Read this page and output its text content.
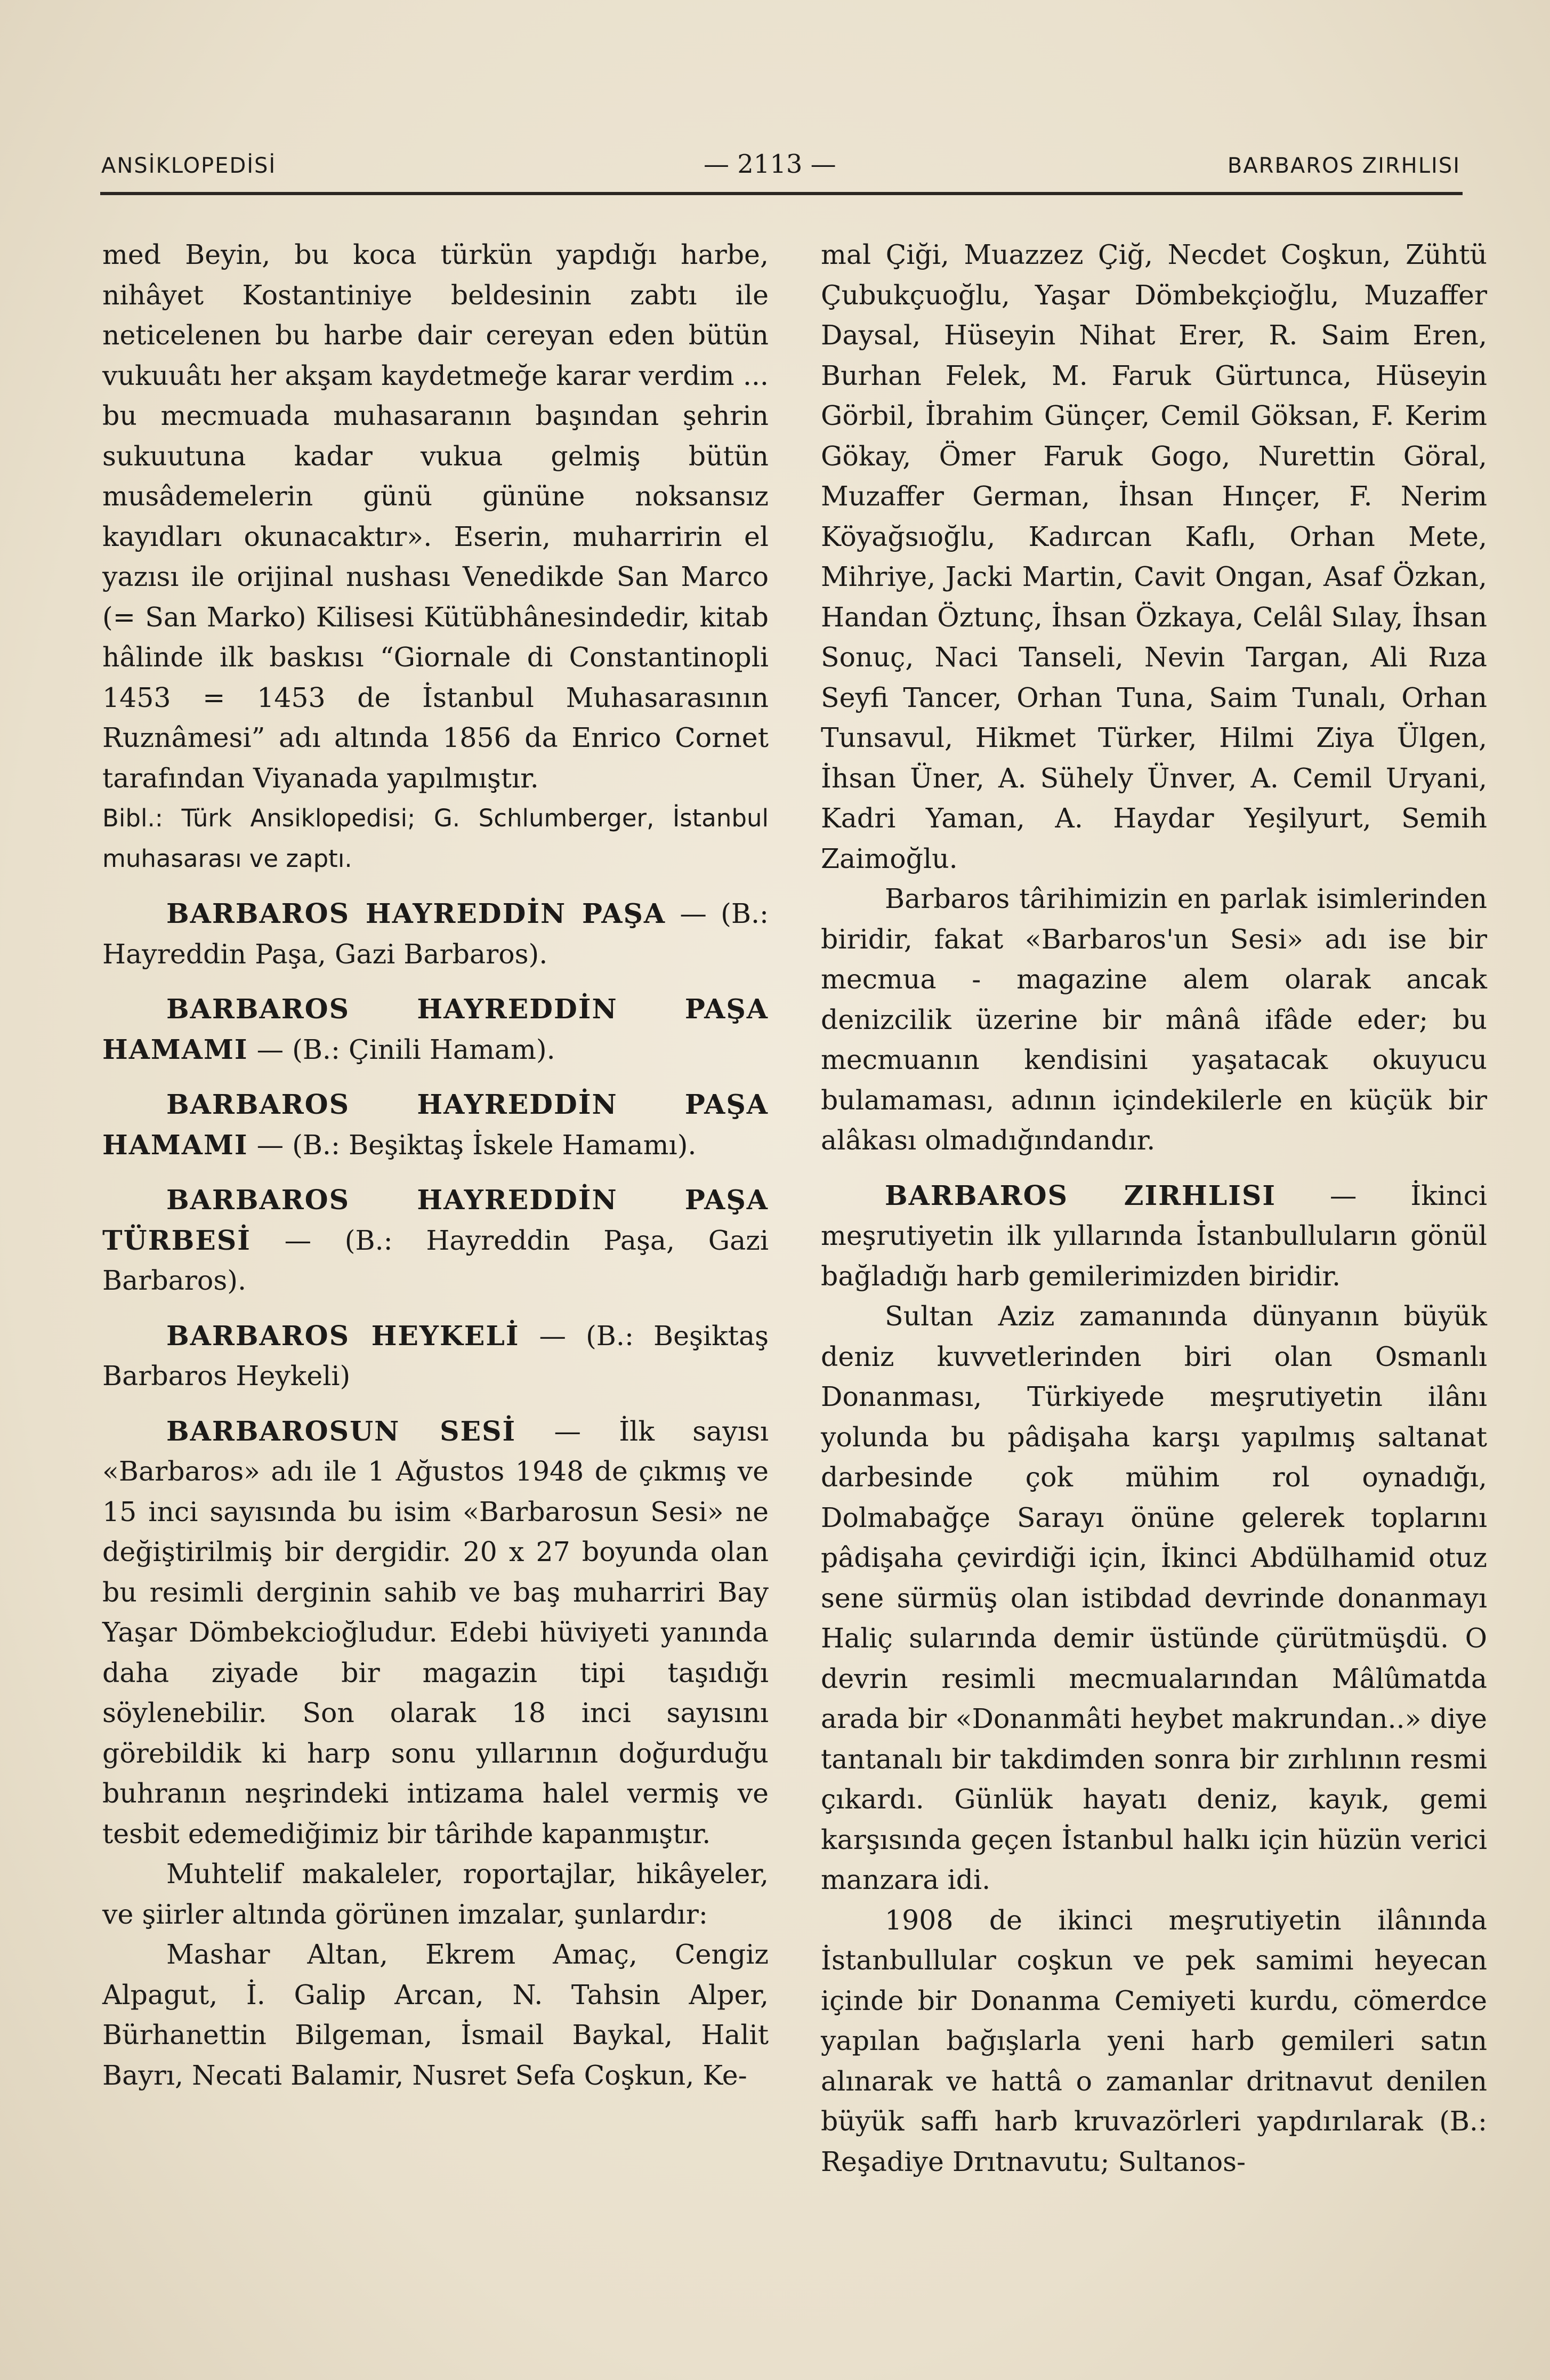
ANSİKLOPEDİSİ	— 2113 —	BARBAROS ZIRHLISI

med Beyin, bu koca türkün yapdığı harbe, nihâyet Kostantiniye beldesinin zabtı ile neticelenen bu harbe dair cereyan eden bütün vukuuâtı her akşam kaydetmeğe karar verdim ... bu mecmuada muhasaranın başından şehrin sukuutuna kadar vukua gelmiş bütün musâdemelerin günü gününe noksansız kayıdları okunacaktır». Eserin, muharririn el yazısı ile orijinal nushası Venedikde San Marco (= San Marko) Kilisesi Kütübhânesindedir, kitab hâlinde ilk baskısı “Giornale di Constantinopli 1453 = 1453 de İstanbul Muhasarasının Ruznâmesi” adı altında 1856 da Enrico Cornet tarafından Viyanada yapılmıştır.

Bibl.: Türk Ansiklopedisi; G. Schlumberger, İstanbul muhasarası ve zaptı.

BARBAROS HAYREDDİN PAŞA — (B.: Hayreddin Paşa, Gazi Barbaros).

BARBAROS HAYREDDİN PAŞA HAMAMI — (B.: Çinili Hamam).

BARBAROS HAYREDDİN PAŞA HAMAMI — (B.: Beşiktaş İskele Hamamı).

BARBAROS HAYREDDİN PAŞA TÜRBESİ — (B.: Hayreddin Paşa, Gazi Barbaros).

BARBAROS HEYKELİ — (B.: Beşiktaş Barbaros Heykeli)

BARBAROSUN SESİ — İlk sayısı «Barbaros» adı ile 1 Ağustos 1948 de çıkmış ve 15 inci sayısında bu isim «Barbarosun Sesi» ne değiştirilmiş bir dergidir. 20 x 27 boyunda olan bu resimli derginin sahib ve baş muharriri Bay Yaşar Dömbekcioğludur. Edebi hüviyeti yanında daha ziyade bir magazin tipi taşıdığı söylenebilir. Son olarak 18 inci sayısını görebildik ki harp sonu yıllarının doğurduğu buhranın neşrindeki intizama halel vermiş ve tesbit edemediğimiz bir târihde kapanmıştır.

Muhtelif makaleler, roportajlar, hikâyeler, ve şiirler altında görünen imzalar, şunlardır:

Mashar Altan, Ekrem Amaç, Cengiz Alpagut, İ. Galip Arcan, N. Tahsin Alper, Bürhanettin Bilgeman, İsmail Baykal, Halit Bayrı, Necati Balamir, Nusret Sefa Coşkun, Ke-

mal Çiği, Muazzez Çiğ, Necdet Coşkun, Zühtü Çubukçuoğlu, Yaşar Dömbekçioğlu, Muzaffer Daysal, Hüseyin Nihat Erer, R. Saim Eren, Burhan Felek, M. Faruk Gürtunca, Hüseyin Görbil, İbrahim Günçer, Cemil Göksan, F. Kerim Gökay, Ömer Faruk Gogo, Nurettin Göral, Muzaffer German, İhsan Hınçer, F. Nerim Köyağsıoğlu, Kadırcan Kaflı, Orhan Mete, Mihriye, Jacki Martin, Cavit Ongan, Asaf Özkan, Handan Öztunç, İhsan Özkaya, Celâl Sılay, İhsan Sonuç, Naci Tanseli, Nevin Targan, Ali Rıza Seyfi Tancer, Orhan Tuna, Saim Tunalı, Orhan Tunsavul, Hikmet Türker, Hilmi Ziya Ülgen, İhsan Üner, A. Sühely Ünver, A. Cemil Uryani, Kadri Yaman, A. Haydar Yeşilyurt, Semih Zaimoğlu.

Barbaros târihimizin en parlak isimlerinden biridir, fakat «Barbaros'un Sesi» adı ise bir mecmua - magazine alem olarak ancak denizcilik üzerine bir mânâ ifâde eder; bu mecmuanın kendisini yaşatacak okuyucu bulamaması, adının içindekilerle en küçük bir alâkası olmadığındandır.

BARBAROS ZIRHLISI — İkinci meşrutiyetin ilk yıllarında İstanbulluların gönül bağladığı harb gemilerimizden biridir.

Sultan Aziz zamanında dünyanın büyük deniz kuvvetlerinden biri olan Osmanlı Donanması, Türkiyede meşrutiyetin ilânı yolunda bu pâdişaha karşı yapılmış saltanat darbesinde çok mühim rol oynadığı, Dolmabağçe Sarayı önüne gelerek toplarını pâdişaha çevirdiği için, İkinci Abdülhamid otuz sene sürmüş olan istibdad devrinde donanmayı Haliç sularında demir üstünde çürütmüşdü. O devrin resimli mecmualarından Mâlûmatda arada bir «Donanmâti heybet makrundan..» diye tantanalı bir takdimden sonra bir zırhlının resmi çıkardı. Günlük hayatı deniz, kayık, gemi karşısında geçen İstanbul halkı için hüzün verici manzara idi.

1908 de ikinci meşrutiyetin ilânında İstanbullular coşkun ve pek samimi heyecan içinde bir Donanma Cemiyeti kurdu, cömerdce yapılan bağışlarla yeni harb gemileri satın alınarak ve hattâ o zamanlar dritnavut denilen büyük saffı harb kruvazörleri yapdırılarak (B.: Reşadiye Drıtnavutu; Sultanos-
